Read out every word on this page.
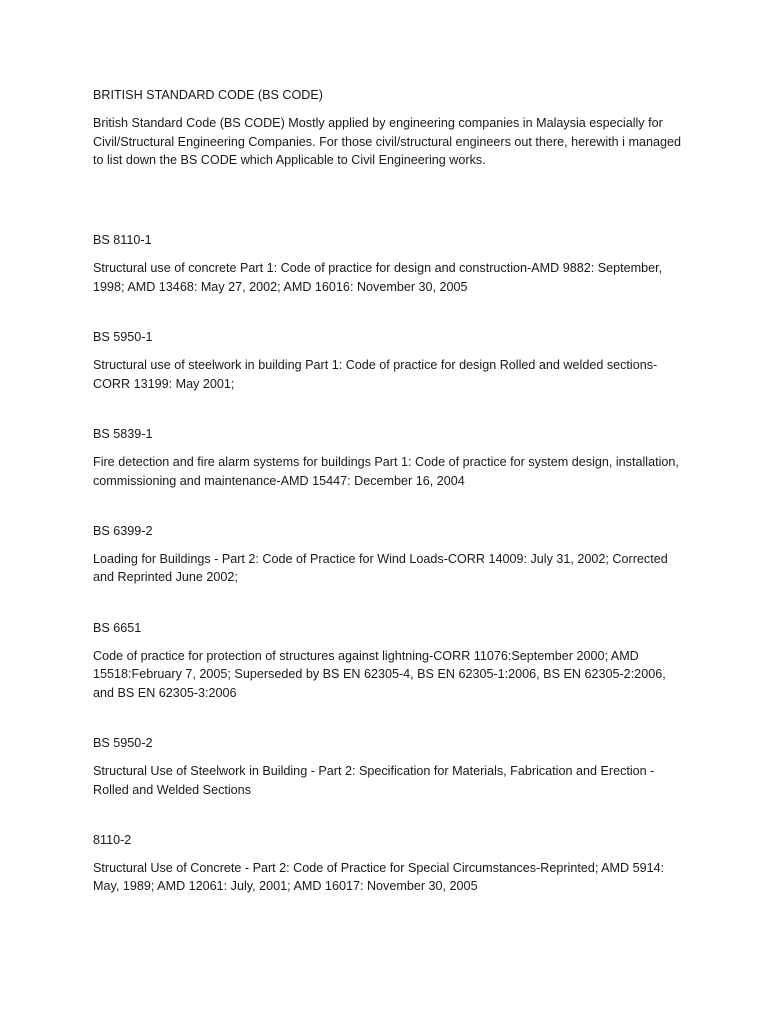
BRITISH STANDARD CODE (BS CODE)

British Standard Code (BS CODE) Mostly applied by engineering companies in Malaysia especially for Civil/Structural Engineering Companies. For those civil/structural engineers out there, herewith i managed to list down the BS CODE which Applicable to Civil Engineering works.

BS 8110-1

Structural use of concrete Part 1: Code of practice for design and construction-AMD 9882: September, 1998; AMD 13468: May 27, 2002; AMD 16016: November 30, 2005

BS 5950-1

Structural use of steelwork in building Part 1: Code of practice for design Rolled and welded sections-CORR 13199: May 2001;

BS 5839-1

Fire detection and fire alarm systems for buildings Part 1: Code of practice for system design, installation, commissioning and maintenance-AMD 15447: December 16, 2004

BS 6399-2

Loading for Buildings - Part 2: Code of Practice for Wind Loads-CORR 14009: July 31, 2002; Corrected and Reprinted June 2002;

BS 6651

Code of practice for protection of structures against lightning-CORR 11076:September 2000; AMD 15518:February 7, 2005; Superseded by BS EN 62305-4, BS EN 62305-1:2006, BS EN 62305-2:2006, and BS EN 62305-3:2006

BS 5950-2

Structural Use of Steelwork in Building - Part 2: Specification for Materials, Fabrication and Erection -Rolled and Welded Sections

8110-2

Structural Use of Concrete - Part 2: Code of Practice for Special Circumstances-Reprinted; AMD 5914: May, 1989; AMD 12061: July, 2001; AMD 16017: November 30, 2005
